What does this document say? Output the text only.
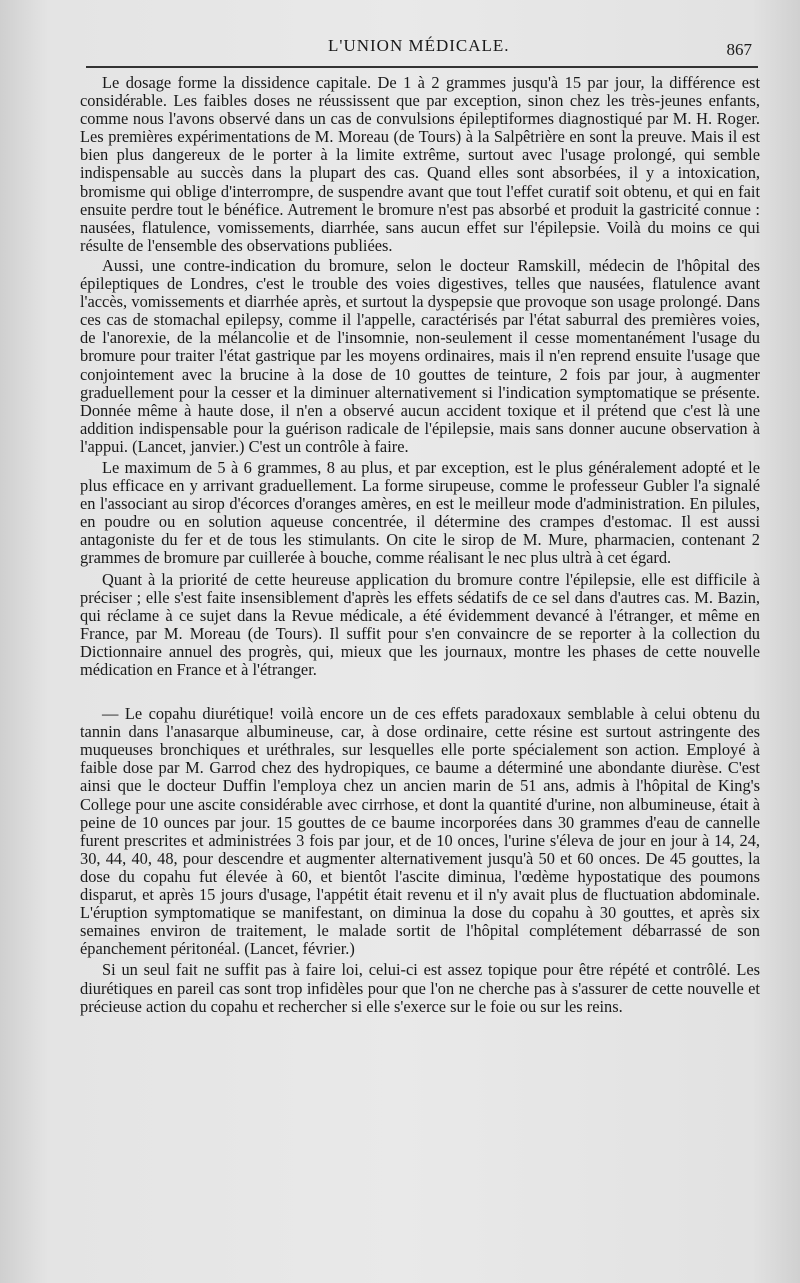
L'UNION MÉDICALE.	867

Le dosage forme la dissidence capitale. De 1 à 2 grammes jusqu'à 15 par jour, la différence est considérable. Les faibles doses ne réussissent que par exception, sinon chez les très-jeunes enfants, comme nous l'avons observé dans un cas de convulsions épileptiformes diagnostiqué par M. H. Roger. Les premières expérimentations de M. Moreau (de Tours) à la Salpêtrière en sont la preuve. Mais il est bien plus dangereux de le porter à la limite extrême, surtout avec l'usage prolongé, qui semble indispensable au succès dans la plupart des cas. Quand elles sont absorbées, il y a intoxication, bromisme qui oblige d'interrompre, de suspendre avant que tout l'effet curatif soit obtenu, et qui en fait ensuite perdre tout le bénéfice. Autrement le bromure n'est pas absorbé et produit la gastricité connue : nausées, flatulence, vomissements, diarrhée, sans aucun effet sur l'épilepsie. Voilà du moins ce qui résulte de l'ensemble des observations publiées.

Aussi, une contre-indication du bromure, selon le docteur Ramskill, médecin de l'hôpital des épileptiques de Londres, c'est le trouble des voies digestives, telles que nausées, flatulence avant l'accès, vomissements et diarrhée après, et surtout la dyspepsie que provoque son usage prolongé. Dans ces cas de stomachal epilepsy, comme il l'appelle, caractérisés par l'état saburral des premières voies, de l'anorexie, de la mélancolie et de l'insomnie, non-seulement il cesse momentanément l'usage du bromure pour traiter l'état gastrique par les moyens ordinaires, mais il n'en reprend ensuite l'usage que conjointement avec la brucine à la dose de 10 gouttes de teinture, 2 fois par jour, à augmenter graduellement pour la cesser et la diminuer alternativement si l'indication symptomatique se présente. Donnée même à haute dose, il n'en a observé aucun accident toxique et il prétend que c'est là une addition indispensable pour la guérison radicale de l'épilepsie, mais sans donner aucune observation à l'appui. (Lancet, janvier.) C'est un contrôle à faire.

Le maximum de 5 à 6 grammes, 8 au plus, et par exception, est le plus généralement adopté et le plus efficace en y arrivant graduellement. La forme sirupeuse, comme le professeur Gubler l'a signalé en l'associant au sirop d'écorces d'oranges amères, en est le meilleur mode d'administration. En pilules, en poudre ou en solution aqueuse concentrée, il détermine des crampes d'estomac. Il est aussi antagoniste du fer et de tous les stimulants. On cite le sirop de M. Mure, pharmacien, contenant 2 grammes de bromure par cuillerée à bouche, comme réalisant le nec plus ultrà à cet égard.

Quant à la priorité de cette heureuse application du bromure contre l'épilepsie, elle est difficile à préciser ; elle s'est faite insensiblement d'après les effets sédatifs de ce sel dans d'autres cas. M. Bazin, qui réclame à ce sujet dans la Revue médicale, a été évidemment devancé à l'étranger, et même en France, par M. Moreau (de Tours). Il suffit pour s'en convaincre de se reporter à la collection du Dictionnaire annuel des progrès, qui, mieux que les journaux, montre les phases de cette nouvelle médication en France et à l'étranger.

— Le copahu diurétique! voilà encore un de ces effets paradoxaux semblable à celui obtenu du tannin dans l'anasarque albumineuse, car, à dose ordinaire, cette résine est surtout astringente des muqueuses bronchiques et uréthrales, sur lesquelles elle porte spécialement son action. Employé à faible dose par M. Garrod chez des hydropiques, ce baume a déterminé une abondante diurèse. C'est ainsi que le docteur Duffin l'employa chez un ancien marin de 51 ans, admis à l'hôpital de King's College pour une ascite considérable avec cirrhose, et dont la quantité d'urine, non albumineuse, était à peine de 10 ounces par jour. 15 gouttes de ce baume incorporées dans 30 grammes d'eau de cannelle furent prescrites et administrées 3 fois par jour, et de 10 onces, l'urine s'éleva de jour en jour à 14, 24, 30, 44, 40, 48, pour descendre et augmenter alternativement jusqu'à 50 et 60 onces. De 45 gouttes, la dose du copahu fut élevée à 60, et bientôt l'ascite diminua, l'œdème hypostatique des poumons disparut, et après 15 jours d'usage, l'appétit était revenu et il n'y avait plus de fluctuation abdominale. L'éruption symptomatique se manifestant, on diminua la dose du copahu à 30 gouttes, et après six semaines environ de traitement, le malade sortit de l'hôpital complétement débarrassé de son épanchement péritonéal. (Lancet, février.)

Si un seul fait ne suffit pas à faire loi, celui-ci est assez topique pour être répété et contrôlé. Les diurétiques en pareil cas sont trop infidèles pour que l'on ne cherche pas à s'assurer de cette nouvelle et précieuse action du copahu et rechercher si elle s'exerce sur le foie ou sur les reins.
